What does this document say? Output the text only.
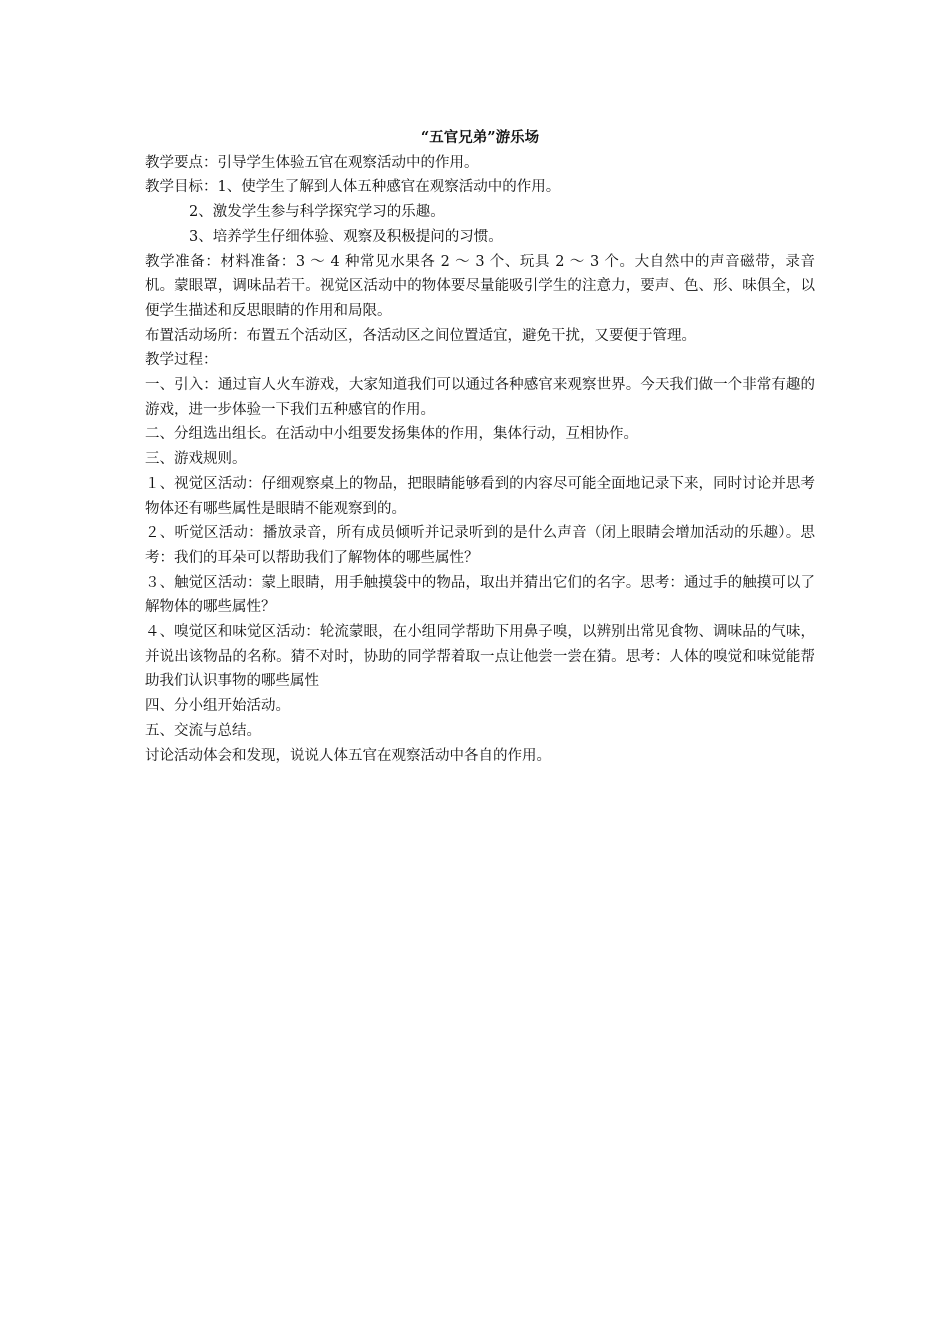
“五官兄弟”游乐场

教学要点：引导学生体验五官在观察活动中的作用。

教学目标：1、使学生了解到人体五种感官在观察活动中的作用。

2、激发学生参与科学探究学习的乐趣。

3、培养学生仔细体验、观察及积极提问的习惯。

教学准备：材料准备：3 ～ 4 种常见水果各 2 ～ 3 个、玩具 2 ～ 3 个。大自然中的声音磁带，录音机。蒙眼罩，调味品若干。视觉区活动中的物体要尽量能吸引学生的注意力，要声、色、形、味俱全，以便学生描述和反思眼睛的作用和局限。

布置活动场所：布置五个活动区，各活动区之间位置适宜，避免干扰，又要便于管理。

教学过程：

一、引入：通过盲人火车游戏，大家知道我们可以通过各种感官来观察世界。今天我们做一个非常有趣的游戏，进一步体验一下我们五种感官的作用。

二、分组选出组长。在活动中小组要发扬集体的作用，集体行动，互相协作。

三、游戏规则。

１、视觉区活动：仔细观察桌上的物品，把眼睛能够看到的内容尽可能全面地记录下来，同时讨论并思考物体还有哪些属性是眼睛不能观察到的。

２、听觉区活动：播放录音，所有成员倾听并记录听到的是什么声音（闭上眼睛会增加活动的乐趣）。思考：我们的耳朵可以帮助我们了解物体的哪些属性？

３、触觉区活动：蒙上眼睛，用手触摸袋中的物品，取出并猜出它们的名字。思考：通过手的触摸可以了解物体的哪些属性？

４、嗅觉区和味觉区活动：轮流蒙眼，在小组同学帮助下用鼻子嗅，以辨别出常见食物、调味品的气味，并说出该物品的名称。猜不对时，协助的同学帮着取一点让他尝一尝在猜。思考：人体的嗅觉和味觉能帮助我们认识事物的哪些属性

四、分小组开始活动。

五、交流与总结。

讨论活动体会和发现，说说人体五官在观察活动中各自的作用。
